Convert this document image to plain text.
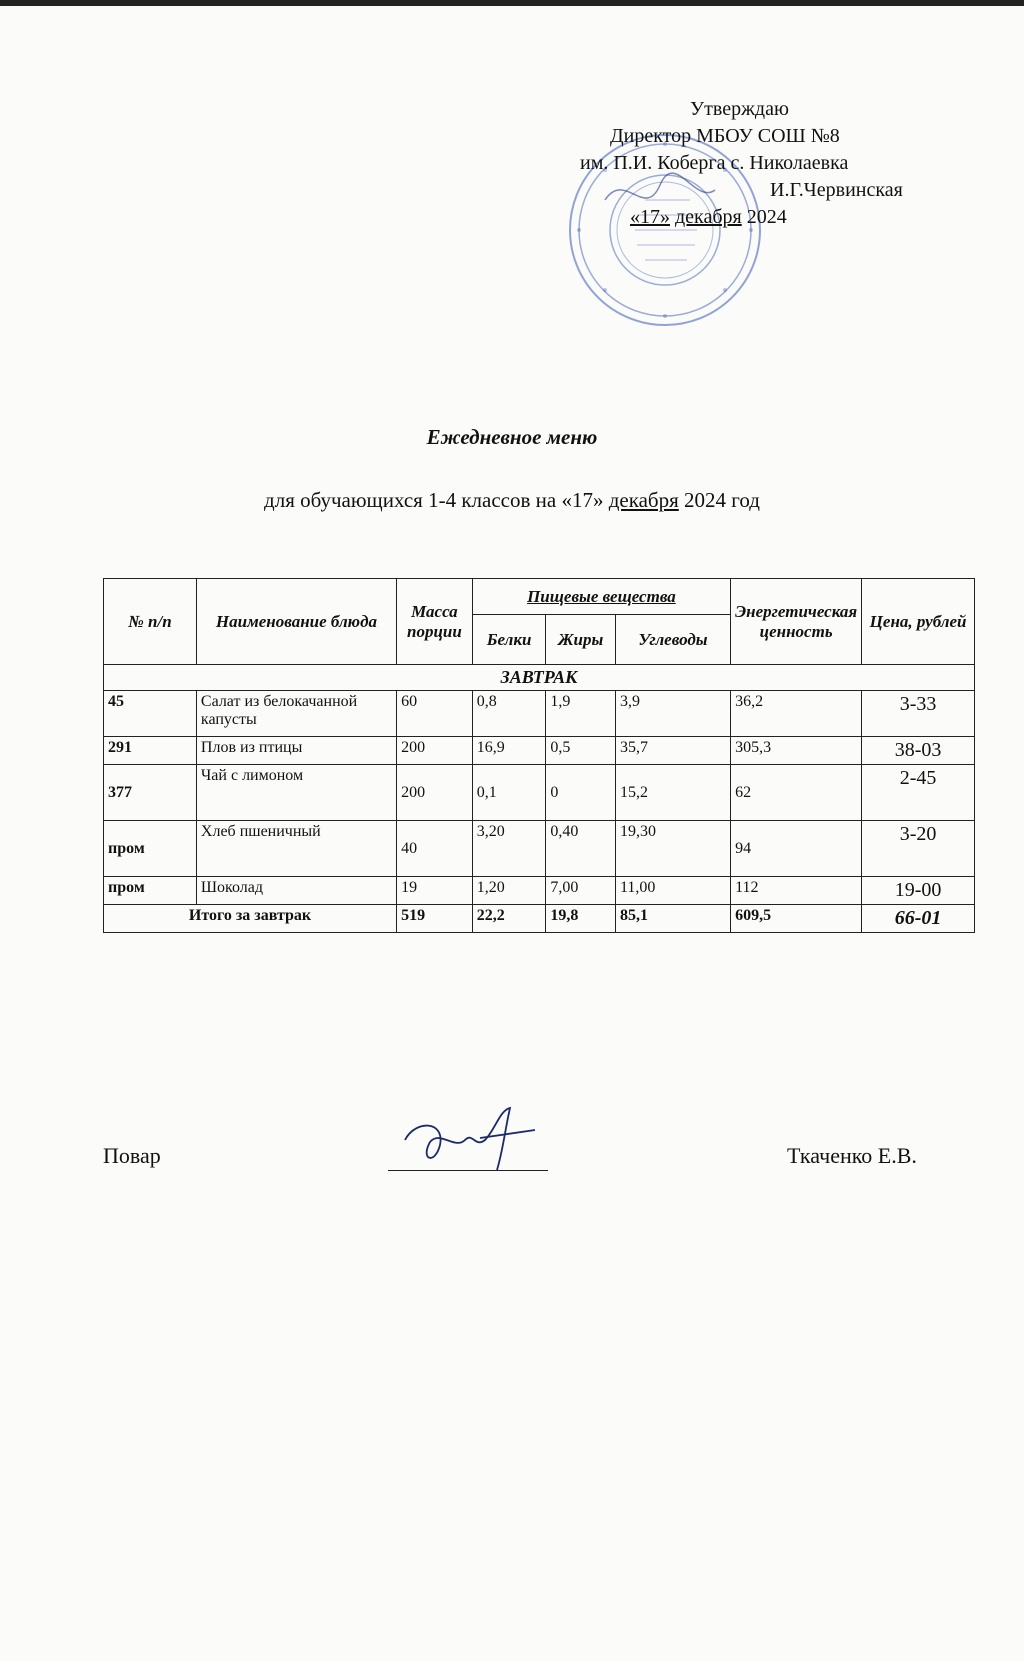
Утверждаю
Директор МБОУ СОШ №8
им. П.И. Коберга с. Николаевка
И.Г.Червинская
«17» декабря 2024
Ежедневное меню
для обучающихся 1-4 классов на «17» декабря 2024 год
№ п/п	Наименование блюда	Масса порции	Пищевые вещества			Энергетическая ценность	Цена, рублей
			Белки	Жиры	Углеводы		
ЗАВТРАК							
45	Салат из белокачанной капусты	60	0,8	1,9	3,9	36,2	3-33
291	Плов из птицы	200	16,9	0,5	35,7	305,3	38-03
377	Чай с лимоном	200	0,1	0	15,2	62	2-45
пром	Хлеб пшеничный	40	3,20	0,40	19,30	94	3-20
пром	Шоколад	19	1,20	7,00	11,00	112	19-00
Итого за завтрак		519	22,2	19,8	85,1	609,5	66-01
Повар	Ткаченко Е.В.
